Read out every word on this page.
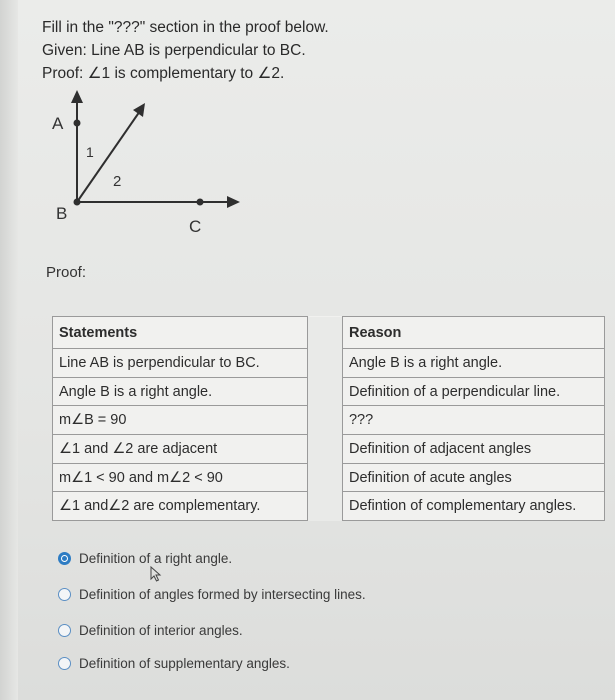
Fill in the "???" section in the proof below.
Given: Line AB is perpendicular to BC.
Proof: ∠1 is complementary to ∠2.
A
B
C
1
2
Proof:
Statements		Reason
Line AB is perpendicular to BC.		Angle B is a right angle.
Angle B is a right angle.		Definition of a perpendicular line.
m∠B = 90		???
∠1 and ∠2 are adjacent		Definition of adjacent angles
m∠1 < 90 and m∠2 < 90		Definition of acute angles
∠1 and∠2 are complementary.		Defintion of complementary angles.
Definition of a right angle.
Definition of angles formed by intersecting lines.
Definition of interior angles.
Definition of supplementary angles.
